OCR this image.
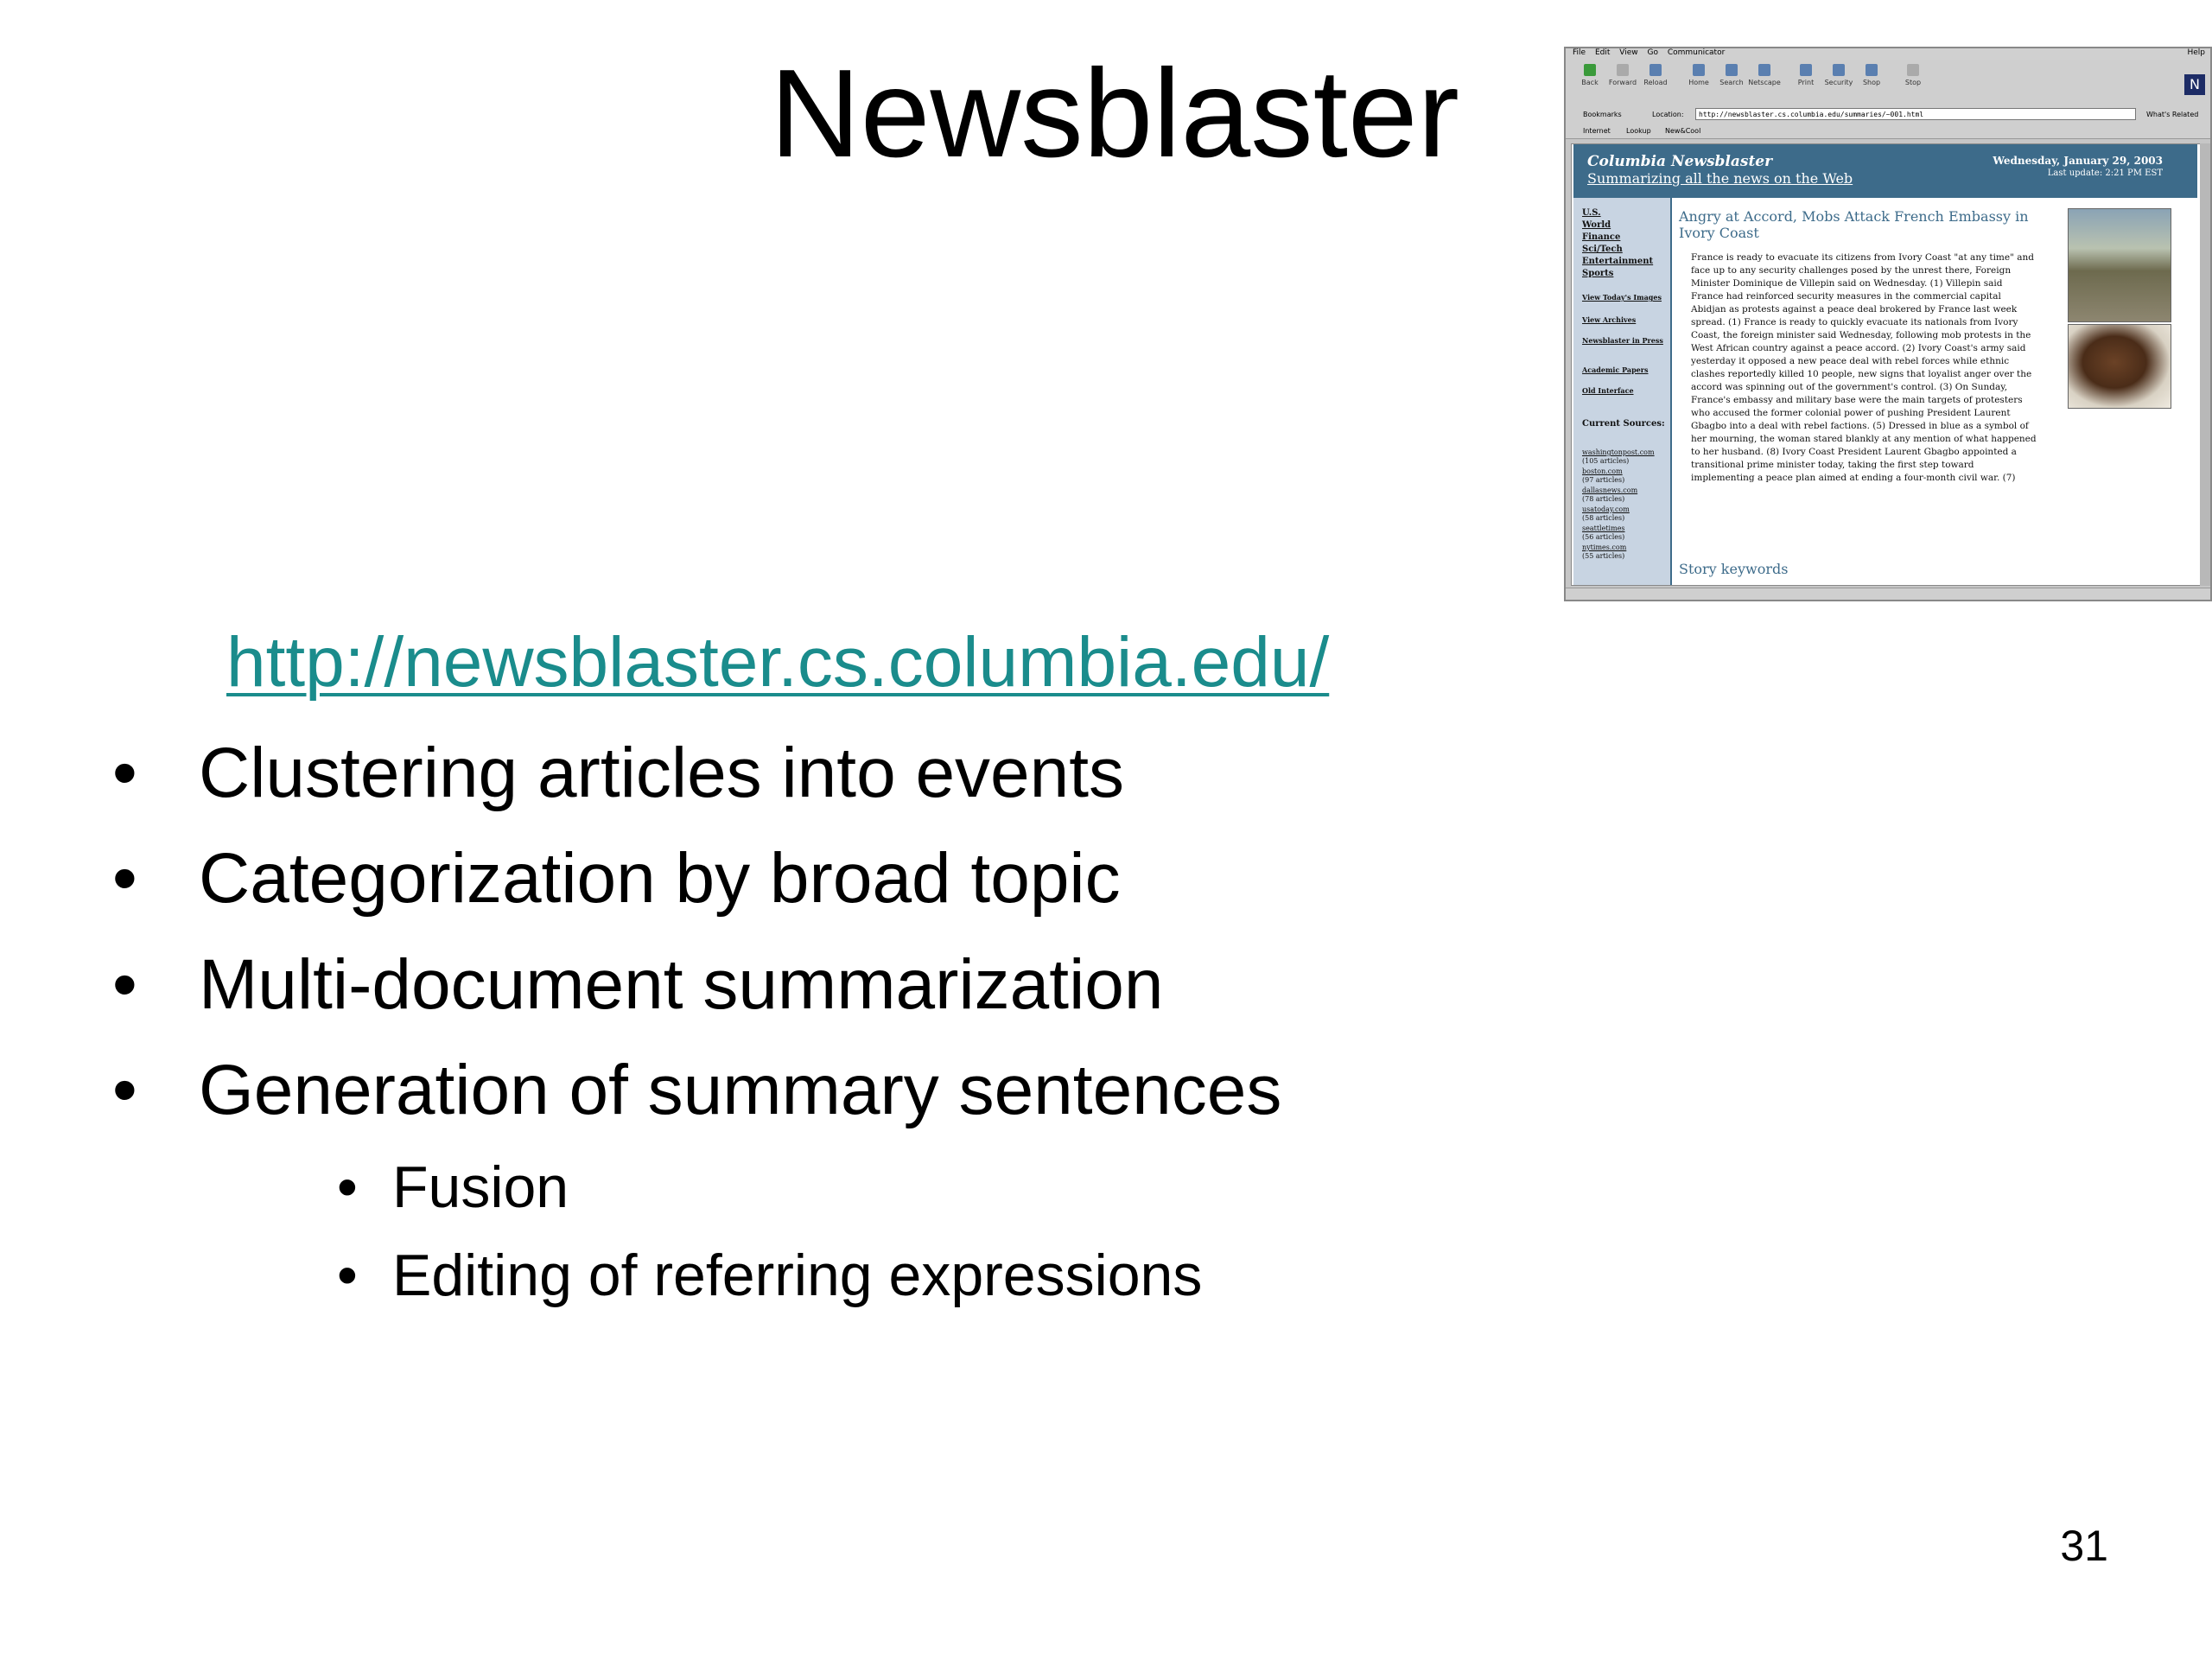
Newsblaster	File Edit View Go Communicator	Help
Back	Forward	Reload	Home	Search Netscape	Print	Security	Shop	Stop	N
Bookmarks	Location:	http://newsblaster.cs.columbia.edu/summaries/~001.html	What's Related
Internet Lookup New&Cool
Columbia Newsblaster
Summarizing all the news on the Web
Wednesday, January 29, 2003
Last update: 2:21 PM EST
U.S.
World
Finance
Sci/Tech
Entertainment
Sports
View Today's Images
View Archives
Newsblaster in Press
Academic Papers
Old Interface
Current Sources:
washingtonpost.com
(105 articles)
boston.com
(97 articles)
dallasnews.com
(78 articles)
usatoday.com
(58 articles)
seattletimes
(56 articles)
nytimes.com
(55 articles)
Angry at Accord, Mobs Attack French Embassy in Ivory Coast
France is ready to evacuate its citizens from Ivory Coast "at any time" and face up to any security challenges posed by the unrest there, Foreign Minister Dominique de Villepin said on Wednesday. (1) Villepin said France had reinforced security measures in the commercial capital Abidjan as protests against a peace deal brokered by France last week spread. (1) France is ready to quickly evacuate its nationals from Ivory Coast, the foreign minister said Wednesday, following mob protests in the West African country against a peace accord. (2) Ivory Coast's army said yesterday it opposed a new peace deal with rebel forces while ethnic clashes reportedly killed 10 people, new signs that loyalist anger over the accord was spinning out of the government's control. (3) On Sunday, France's embassy and military base were the main targets of protesters who accused the former colonial power of pushing President Laurent Gbagbo into a deal with rebel factions. (5) Dressed in blue as a symbol of her mourning, the woman stared blankly at any mention of what happened to her husband. (8) Ivory Coast President Laurent Gbagbo appointed a transitional prime minister today, taking the first step toward implementing a peace plan aimed at ending a four-month civil war. (7)
Story keywords
http://newsblaster.cs.columbia.edu/
• Clustering articles into events
• Categorization by broad topic
• Multi-document summarization
• Generation of summary sentences
• Fusion
• Editing of referring expressions
31
